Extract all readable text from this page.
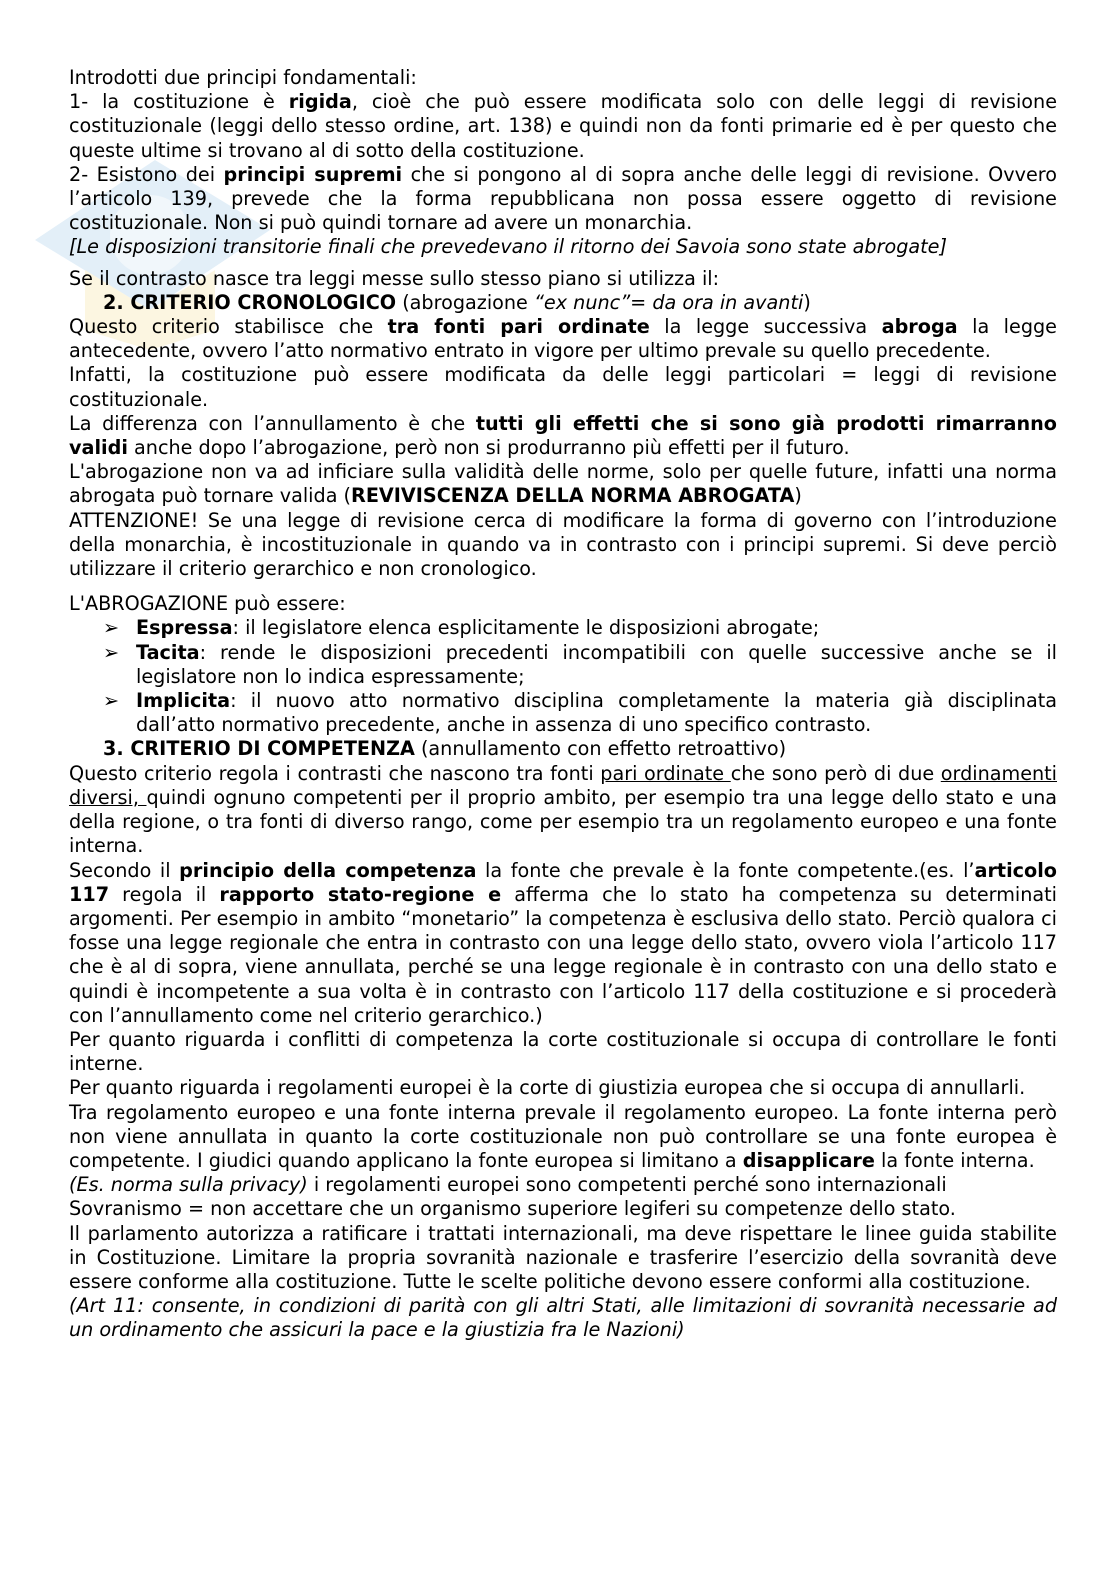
Introdotti due principi fondamentali:

1- la costituzione è rigida, cioè che può essere modificata solo con delle leggi di revisione costituzionale (leggi dello stesso ordine, art. 138) e quindi non da fonti primarie ed è per questo che queste ultime si trovano al di sotto della costituzione.

2- Esistono dei principi supremi che si pongono al di sopra anche delle leggi di revisione. Ovvero l’articolo 139, prevede che la forma repubblicana non possa essere oggetto di revisione costituzionale. Non si può quindi tornare ad avere un monarchia.

[Le disposizioni transitorie finali che prevedevano il ritorno dei Savoia sono state abrogate]

Se il contrasto nasce tra leggi messe sullo stesso piano si utilizza il:

2. CRITERIO CRONOLOGICO (abrogazione “ex nunc”= da ora in avanti)

Questo criterio stabilisce che tra fonti pari ordinate la legge successiva abroga la legge antecedente, ovvero l’atto normativo entrato in vigore per ultimo prevale su quello precedente.

Infatti, la costituzione può essere modificata da delle leggi particolari = leggi di revisione costituzionale.

La differenza con l’annullamento è che tutti gli effetti che si sono già prodotti rimarranno validi anche dopo l’abrogazione, però non si produrranno più effetti per il futuro.

L'abrogazione non va ad inficiare sulla validità delle norme, solo per quelle future, infatti una norma abrogata può tornare valida (REVIVISCENZA DELLA NORMA ABROGATA)

ATTENZIONE! Se una legge di revisione cerca di modificare la forma di governo con l’introduzione della monarchia, è incostituzionale in quando va in contrasto con i principi supremi. Si deve perciò utilizzare il criterio gerarchico e non cronologico.

L'ABROGAZIONE può essere:

➢ Espressa: il legislatore elenca esplicitamente le disposizioni abrogate;
➢ Tacita: rende le disposizioni precedenti incompatibili con quelle successive anche se il legislatore non lo indica espressamente;
➢ Implicita: il nuovo atto normativo disciplina completamente la materia già disciplinata dall’atto normativo precedente, anche in assenza di uno specifico contrasto.

3. CRITERIO DI COMPETENZA (annullamento con effetto retroattivo)

Questo criterio regola i contrasti che nascono tra fonti pari ordinate che sono però di due ordinamenti diversi, quindi ognuno competenti per il proprio ambito, per esempio tra una legge dello stato e una della regione, o tra fonti di diverso rango, come per esempio tra un regolamento europeo e una fonte interna.

Secondo il principio della competenza la fonte che prevale è la fonte competente.(es. l’articolo 117 regola il rapporto stato-regione e afferma che lo stato ha competenza su determinati argomenti. Per esempio in ambito “monetario” la competenza è esclusiva dello stato. Perciò qualora ci fosse una legge regionale che entra in contrasto con una legge dello stato, ovvero viola l’articolo 117 che è al di sopra, viene annullata, perché se una legge regionale è in contrasto con una dello stato e quindi è incompetente a sua volta è in contrasto con l’articolo 117 della costituzione e si procederà con l’annullamento come nel criterio gerarchico.)

Per quanto riguarda i conflitti di competenza la corte costituzionale si occupa di controllare le fonti interne.

Per quanto riguarda i regolamenti europei è la corte di giustizia europea che si occupa di annullarli.

Tra regolamento europeo e una fonte interna prevale il regolamento europeo. La fonte interna però non viene annullata in quanto la corte costituzionale non può controllare se una fonte europea è competente. I giudici quando applicano la fonte europea si limitano a disapplicare la fonte interna.

(Es. norma sulla privacy) i regolamenti europei sono competenti perché sono internazionali

Sovranismo = non accettare che un organismo superiore legiferi su competenze dello stato.

Il parlamento autorizza a ratificare i trattati internazionali, ma deve rispettare le linee guida stabilite in Costituzione. Limitare la propria sovranità nazionale e trasferire l’esercizio della sovranità deve essere conforme alla costituzione. Tutte le scelte politiche devono essere conformi alla costituzione.

(Art 11: consente, in condizioni di parità con gli altri Stati, alle limitazioni di sovranità necessarie ad un ordinamento che assicuri la pace e la giustizia fra le Nazioni)
